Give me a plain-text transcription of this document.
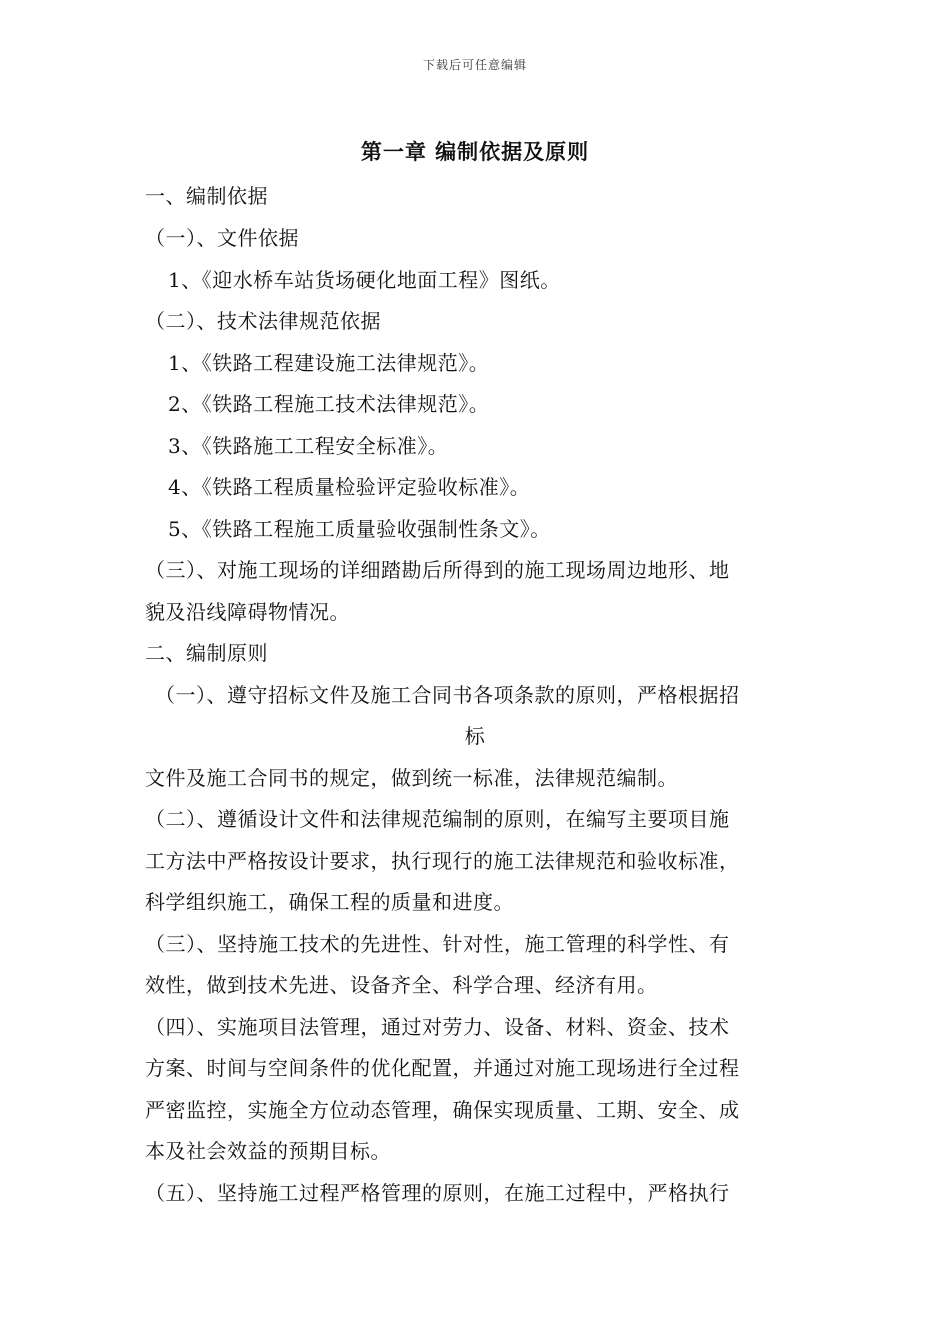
下载后可任意编辑
第一章 编制依据及原则
一、编制依据
（一）、文件依据
1、《迎水桥车站货场硬化地面工程》图纸。
（二）、技术法律规范依据
1、《铁路工程建设施工法律规范》。
2、《铁路工程施工技术法律规范》。
3、《铁路施工工程安全标准》。
4、《铁路工程质量检验评定验收标准》。
5、《铁路工程施工质量验收强制性条文》。
（三）、对施工现场的详细踏勘后所得到的施工现场周边地形、地
貌及沿线障碍物情况。
二、编制原则
（一）、遵守招标文件及施工合同书各项条款的原则，严格根据招
标
文件及施工合同书的规定，做到统一标准，法律规范编制。
（二）、遵循设计文件和法律规范编制的原则，在编写主要项目施
工方法中严格按设计要求，执行现行的施工法律规范和验收标准，
科学组织施工，确保工程的质量和进度。
（三）、坚持施工技术的先进性、针对性，施工管理的科学性、有
效性，做到技术先进、设备齐全、科学合理、经济有用。
（四）、实施项目法管理，通过对劳力、设备、材料、资金、技术
方案、时间与空间条件的优化配置，并通过对施工现场进行全过程
严密监控，实施全方位动态管理，确保实现质量、工期、安全、成
本及社会效益的预期目标。
（五）、坚持施工过程严格管理的原则，在施工过程中，严格执行
